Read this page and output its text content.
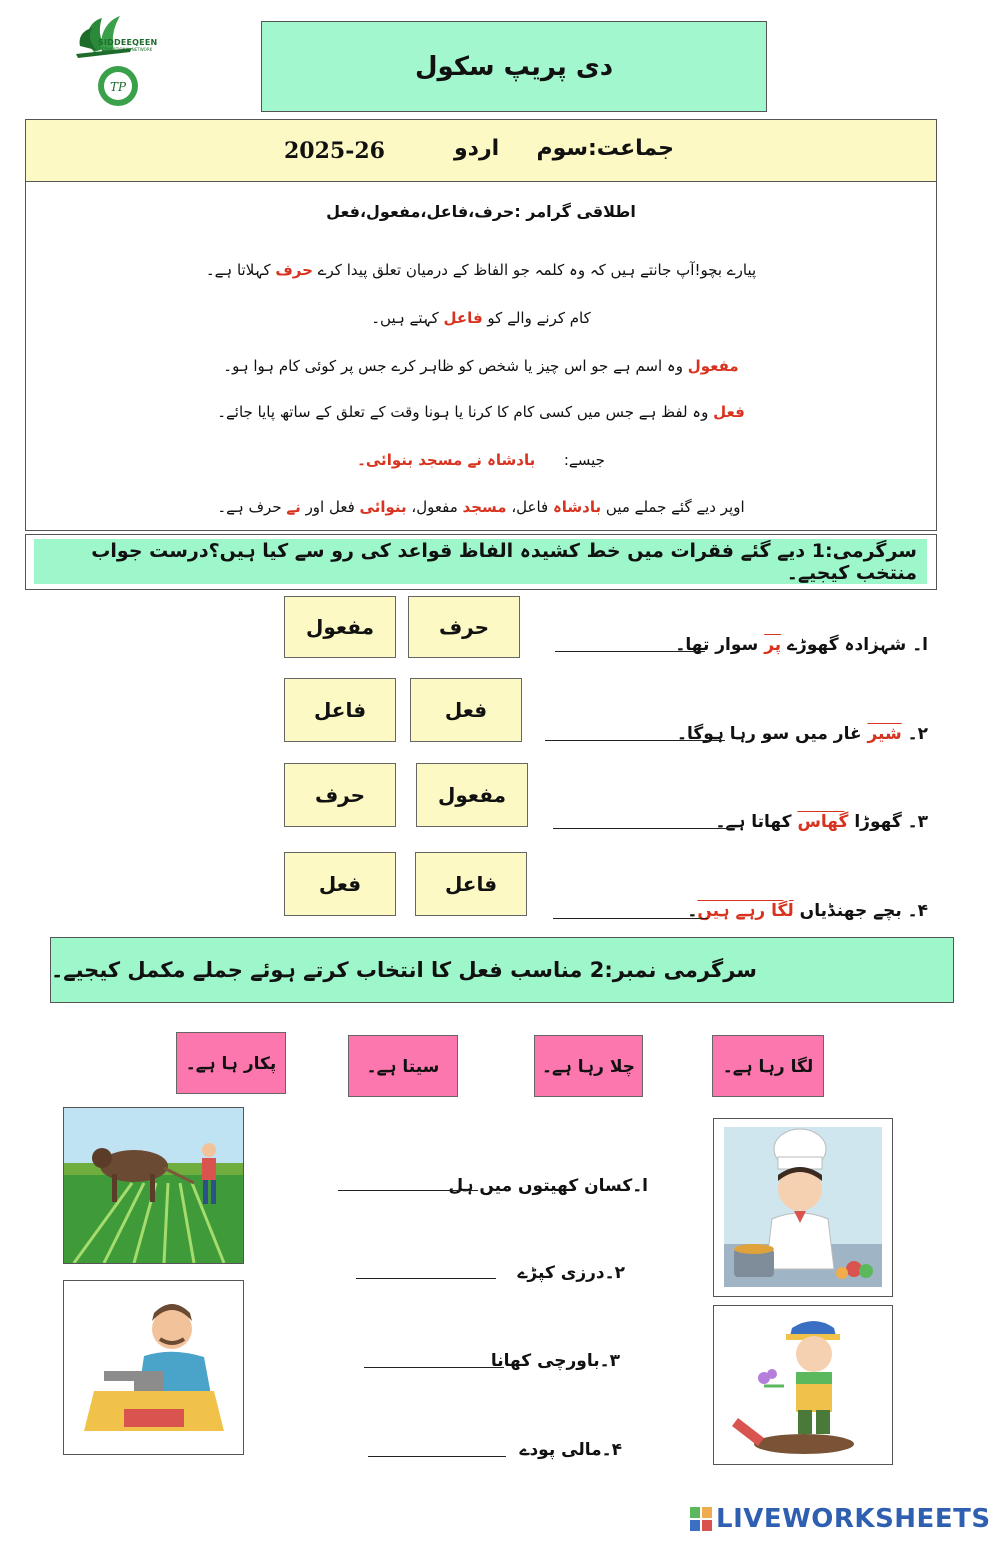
TP
SIDDEEQEEN
EDUCATIONAL NETWORK
دی پریپ سکول
جماعت:سوم
اردو
2025-26
اطلاقی گرامر :حرف،فاعل،مفعول،فعل
پیارے بچو!آپ جانتے ہیں کہ وہ کلمہ جو الفاظ کے درمیان تعلق پیدا کرے حرف کہلاتا ہے۔
کام کرنے والے کو فاعل کہتے ہیں۔
مفعول وہ اسم ہے جو اس چیز یا شخص کو ظاہر کرے جس پر کوئی کام ہوا ہو۔
فعل وہ لفظ ہے جس میں کسی کام کا کرنا یا ہونا وقت کے تعلق کے ساتھ پایا جائے۔
جیسے:      بادشاہ نے مسجد بنوائی۔
اوپر دیے گئے جملے میں بادشاہ فاعل، مسجد مفعول، بنوائی فعل اور نے حرف ہے۔
سرگرمی:1 دیے گئے فقرات میں خط کشیدہ الفاظ قواعد کی رو سے کیا ہیں؟درست جواب منتخب کیجیے۔
حرف
مفعول
فعل
فاعل
مفعول
حرف
فاعل
فعل
ا۔ شہزادہ گھوڑے پر سوار تھا۔
۲۔ شیر غار میں سو رہا ہوگا۔
۳۔ گھوڑا گھاس کھاتا ہے۔
۴۔ بچے جھنڈیاں لگا رہے ہیں۔
سرگرمی نمبر:2 مناسب فعل کا انتخاب کرتے ہوئے جملے مکمل کیجیے۔
لگا رہا ہے۔
چلا رہا ہے۔
سیتا ہے۔
پکار ہا ہے۔
ا۔کسان کھیتوں میں ہل
۲۔درزی کپڑے
۳۔باورچی کھانا
۴۔مالی پودے
LIVEWORKSHEETS
